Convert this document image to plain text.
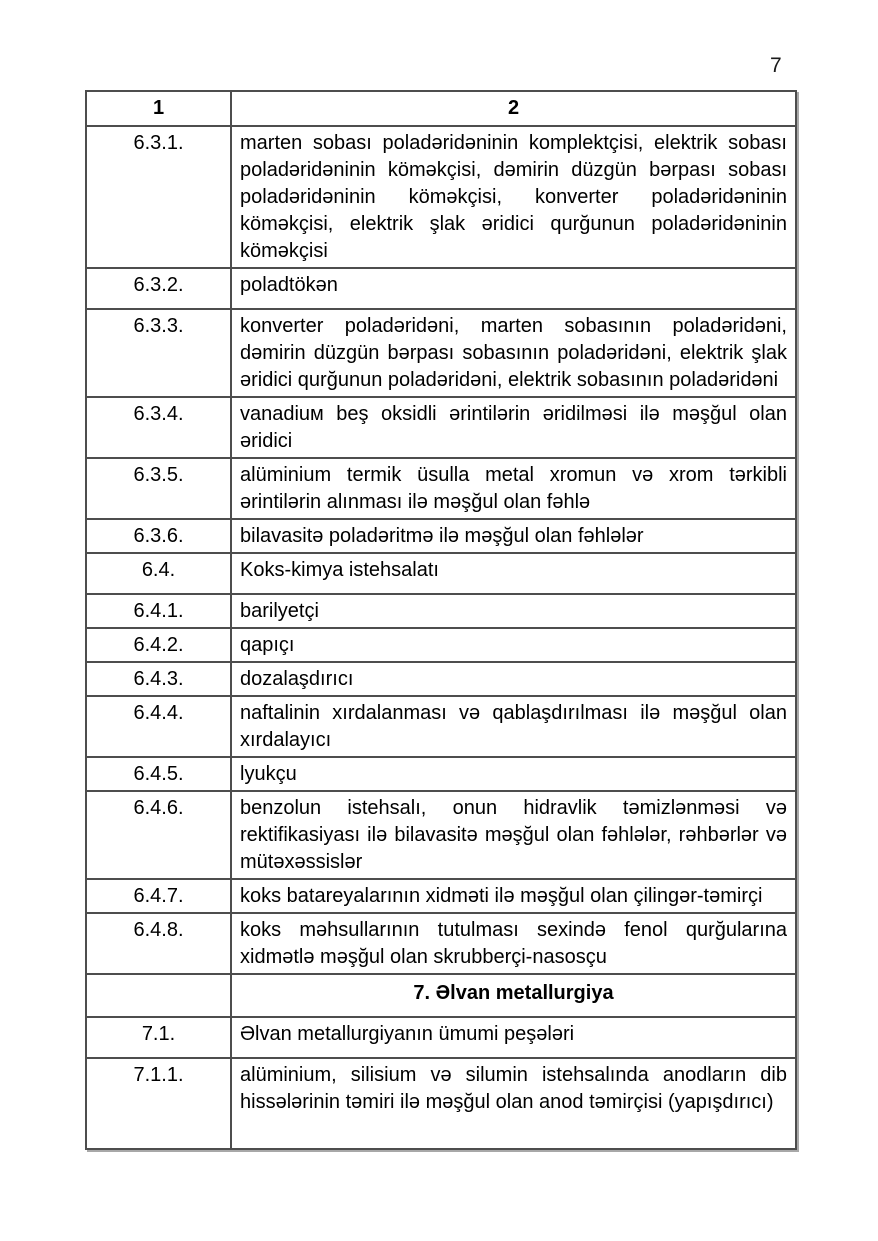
7
1	2
6.3.1.	marten sobası poladəridəninin komplektçisi, elektrik sobası poladəridəninin köməkçisi, dəmirin düzgün bərpası sobası poladəridəninin köməkçisi, konverter poladəridəninin köməkçisi, elektrik şlak əridici qurğunun poladəridəninin köməkçisi
6.3.2.	poladtökən
6.3.3.	konverter poladəridəni, marten sobasının poladəridəni, dəmirin düzgün bərpası sobasının poladəridəni, elektrik şlak əridici qurğunun poladəridəni, elektrik sobasının poladəridəni
6.3.4.	vanadiuм beş oksidli ərintilərin əridilməsi ilə məşğul olan əridici
6.3.5.	alüminium termik üsulla metal xromun və xrom tərkibli ərintilərin alınması ilə məşğul olan fəhlə
6.3.6.	bilavasitə poladəritmə ilə məşğul olan fəhlələr
6.4.	Koks-kimya istehsalatı
6.4.1.	barilyetçi
6.4.2.	qapıçı
6.4.3.	dozalaşdırıcı
6.4.4.	naftalinin xırdalanması və qablaşdırılması ilə məşğul olan xırdalayıcı
6.4.5.	lyukçu
6.4.6.	benzolun istehsalı, onun hidravlik təmizlənməsi və rektifikasiyası ilə bilavasitə məşğul olan fəhlələr, rəhbərlər və mütəxəssislər
6.4.7.	koks batareyalarının xidməti ilə məşğul olan çilingər-təmirçi
6.4.8.	koks məhsullarının tutulması sexində fenol qurğularına xidmətlə məşğul olan skrubberçi-nasosçu
	7. Əlvan metallurgiya
7.1.	Əlvan metallurgiyanın ümumi peşələri
7.1.1.	alüminium, silisium və silumin istehsalında anodların dib hissələrinin təmiri ilə məşğul olan anod təmirçisi (yapışdırıcı)
